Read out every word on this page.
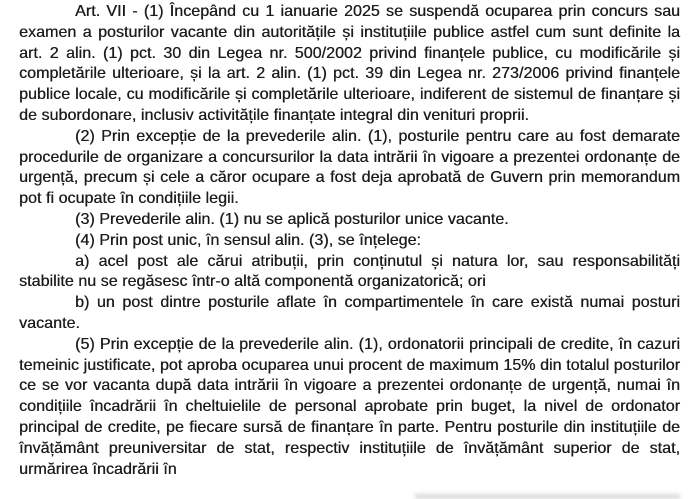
Art. VII - (1) Începând cu 1 ianuarie 2025 se suspendă ocuparea prin concurs sau examen a posturilor vacante din autoritățile și instituțiile publice astfel cum sunt definite la art. 2 alin. (1) pct. 30 din Legea nr. 500/2002 privind finanțele publice, cu modificările și completările ulterioare, și la art. 2 alin. (1) pct. 39 din Legea nr. 273/2006 privind finanțele publice locale, cu modificările și completările ulterioare, indiferent de sistemul de finanțare și de subordonare, inclusiv activitățile finanțate integral din venituri proprii.

(2) Prin excepție de la prevederile alin. (1), posturile pentru care au fost demarate procedurile de organizare a concursurilor la data intrării în vigoare a prezentei ordonanțe de urgență, precum și cele a căror ocupare a fost deja aprobată de Guvern prin memorandum pot fi ocupate în condițiile legii.

(3) Prevederile alin. (1) nu se aplică posturilor unice vacante.

(4) Prin post unic, în sensul alin. (3), se înțelege:

a) acel post ale cărui atribuții, prin conținutul și natura lor, sau responsabilități stabilite nu se regăsesc într-o altă componentă organizatorică; ori

b) un post dintre posturile aflate în compartimentele în care există numai posturi vacante.

(5) Prin excepție de la prevederile alin. (1), ordonatorii principali de credite, în cazuri temeinic justificate, pot aproba ocuparea unui procent de maximum 15% din totalul posturilor ce se vor vacanta după data intrării în vigoare a prezentei ordonanțe de urgență, numai în condițiile încadrării în cheltuielile de personal aprobate prin buget, la nivel de ordonator principal de credite, pe fiecare sursă de finanțare în parte. Pentru posturile din instituțiile de învățământ preuniversitar de stat, respectiv instituțiile de învățământ superior de stat, urmărirea încadrării în
